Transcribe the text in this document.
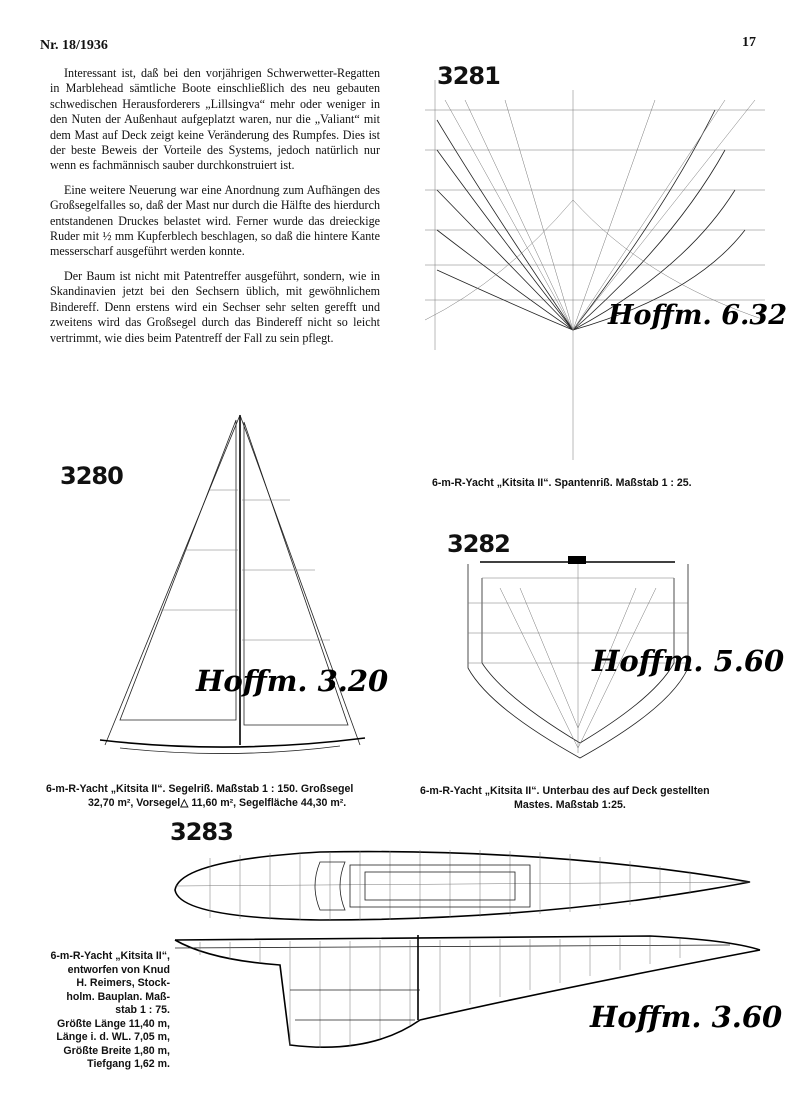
Nr. 18/1936	17

Interessant ist, daß bei den vorjährigen Schwerwetter-Regatten in Marblehead sämtliche Boote einschließlich des neu gebauten schwedischen Herausforderers „Lillsingva“ mehr oder weniger in den Nuten der Außenhaut aufgeplatzt waren, nur die „Valiant“ mit dem Mast auf Deck zeigt keine Veränderung des Rumpfes. Dies ist der beste Beweis der Vorteile des Systems, jedoch natürlich nur wenn es fachmännisch sauber durchkonstruiert ist.

Eine weitere Neuerung war eine Anordnung zum Aufhängen des Großsegelfalles so, daß der Mast nur durch die Hälfte des hierdurch entstandenen Druckes belastet wird. Ferner wurde das dreieckige Ruder mit ½ mm Kupferblech beschlagen, so daß die hintere Kante messerscharf ausgeführt werden konnte.

Der Baum ist nicht mit Patentreffer ausgeführt, sondern, wie in Skandinavien jetzt bei den Sechsern üblich, mit gewöhnlichem Bindereff. Denn erstens wird ein Sechser sehr selten gerefft und zweitens wird das Großsegel durch das Bindereff nicht so leicht vertrimmt, wie dies beim Patentreff der Fall zu sein pflegt.

3281
Hoffm. 6.32
6-m-R-Yacht „Kitsita II“. Spantenriß. Maßstab 1 : 25.
3280
Hoffm. 3.20
6-m-R-Yacht „Kitsita II“. Segelriß. Maßstab 1 : 150. Großsegel
32,70 m², Vorsegel△ 11,60 m², Segelfläche 44,30 m².
3282
Hoffm. 5.60
6-m-R-Yacht „Kitsita II“. Unterbau des auf Deck gestellten
Mastes. Maßstab 1:25.
3283
Hoffm. 3.60
6-m-R-Yacht „Kitsita II“,
entworfen von Knud
H. Reimers, Stock-
holm. Bauplan. Maß-
stab 1 : 75.
Größte Länge 11,40 m,
Länge i. d. WL. 7,05 m,
Größte Breite 1,80 m,
Tiefgang 1,62 m.
